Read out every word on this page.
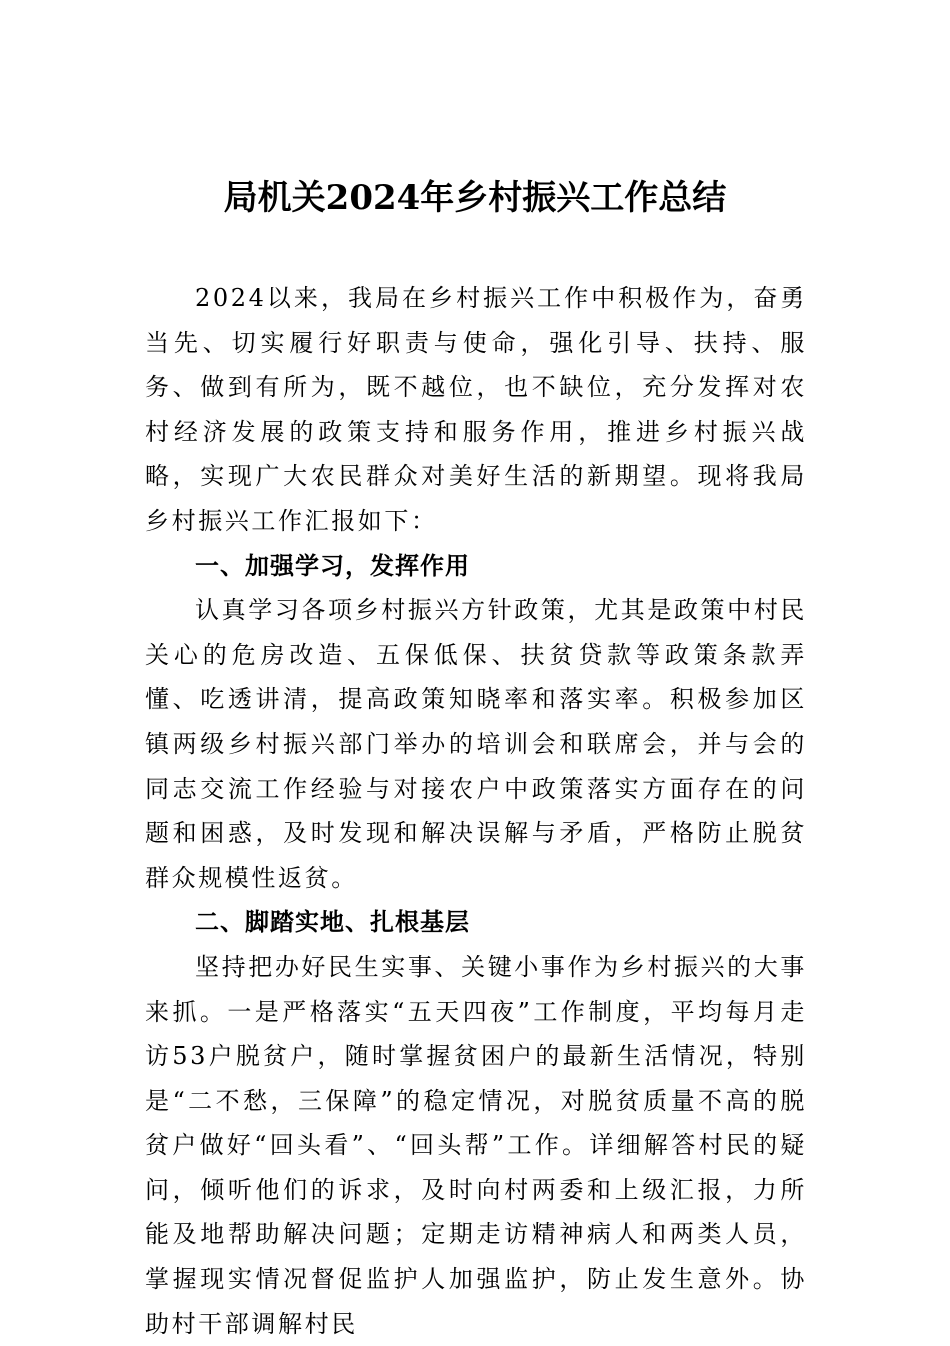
局机关2024年乡村振兴工作总结

2024以来，我局在乡村振兴工作中积极作为，奋勇当先、切实履行好职责与使命，强化引导、扶持、服务、做到有所为，既不越位，也不缺位，充分发挥对农村经济发展的政策支持和服务作用，推进乡村振兴战略，实现广大农民群众对美好生活的新期望。现将我局乡村振兴工作汇报如下：

一、加强学习，发挥作用

认真学习各项乡村振兴方针政策，尤其是政策中村民关心的危房改造、五保低保、扶贫贷款等政策条款弄懂、吃透讲清，提高政策知晓率和落实率。积极参加区镇两级乡村振兴部门举办的培训会和联席会，并与会的同志交流工作经验与对接农户中政策落实方面存在的问题和困惑，及时发现和解决误解与矛盾，严格防止脱贫群众规模性返贫。

二、脚踏实地、扎根基层

坚持把办好民生实事、关键小事作为乡村振兴的大事来抓。一是严格落实“五天四夜”工作制度，平均每月走访53户脱贫户，随时掌握贫困户的最新生活情况，特别是“二不愁，三保障”的稳定情况，对脱贫质量不高的脱贫户做好“回头看”、“回头帮”工作。详细解答村民的疑问，倾听他们的诉求，及时向村两委和上级汇报，力所能及地帮助解决问题；定期走访精神病人和两类人员，掌握现实情况督促监护人加强监护，防止发生意外。协助村干部调解村民
